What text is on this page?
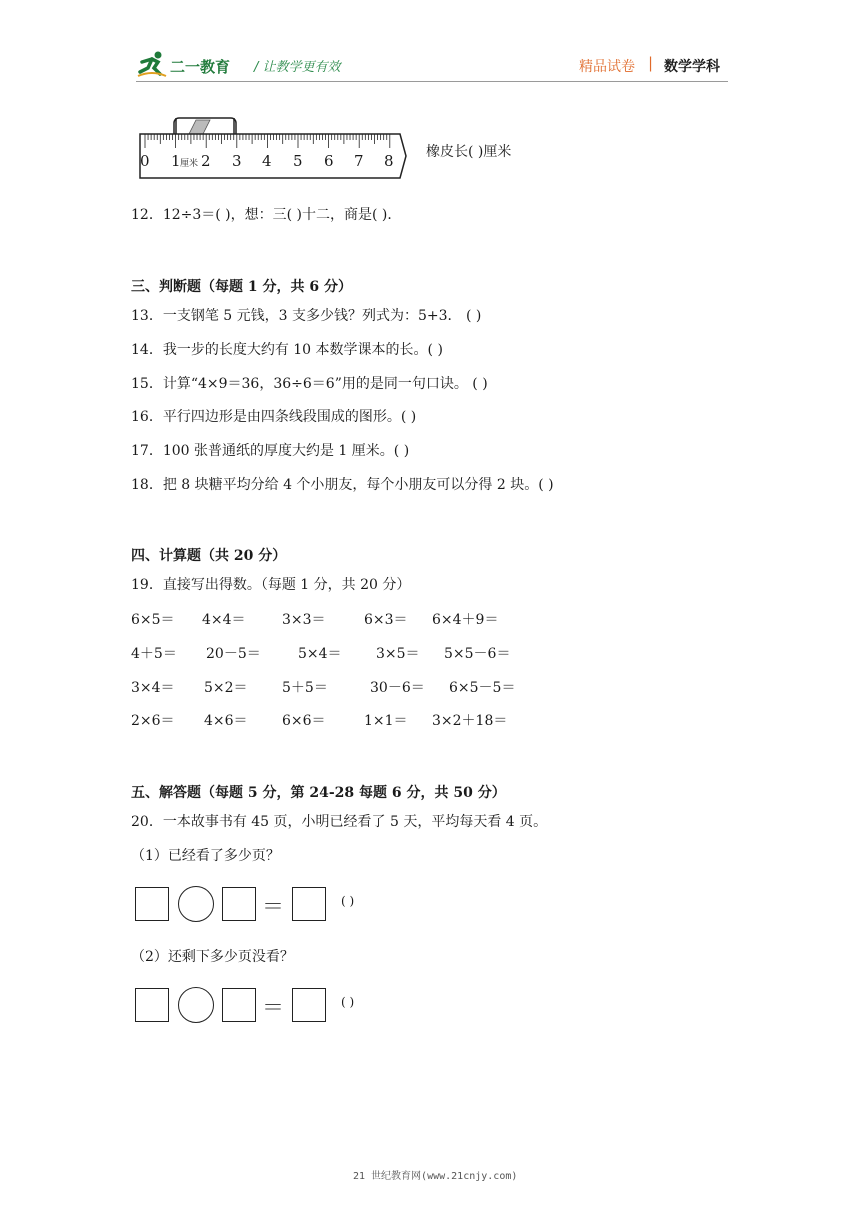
二一教育 / 让教学更有效	精品试卷 | 数学学科
0 1 厘米 2 3 4 5 6 7 8 橡皮长( )厘米
12．12÷3＝( )，想：三( )十二，商是( )．
三、判断题（每题 1 分，共 6 分）
13．一支钢笔 5 元钱，3 支多少钱？列式为：5+3． ( )
14．我一步的长度大约有 10 本数学课本的长。( )
15．计算“4×9＝36，36÷6＝6”用的是同一句口诀。 ( )
16．平行四边形是由四条线段围成的图形。( )
17．100 张普通纸的厚度大约是 1 厘米。( )
18．把 8 块糖平均分给 4 个小朋友，每个小朋友可以分得 2 块。( )
四、计算题（共 20 分）
19．直接写出得数。（每题 1 分，共 20 分）
6×5＝ 4×4＝	3×3＝	6×3＝ 6×4＋9＝
4＋5＝ 20－5＝	5×4＝ 3×5＝ 5×5－6＝
3×4＝ 5×2＝ 5＋5＝	30－6＝ 6×5－5＝
2×6＝ 4×6＝ 6×6＝	1×1＝ 3×2＋18＝
五、解答题（每题 5 分，第 24-28 每题 6 分，共 50 分）
20．一本故事书有 45 页，小明已经看了 5 天，平均每天看 4 页。
（1）已经看了多少页？
＝	( )
（2）还剩下多少页没看？
＝	( )
21 世纪教育网(www.21cnjy.com)
